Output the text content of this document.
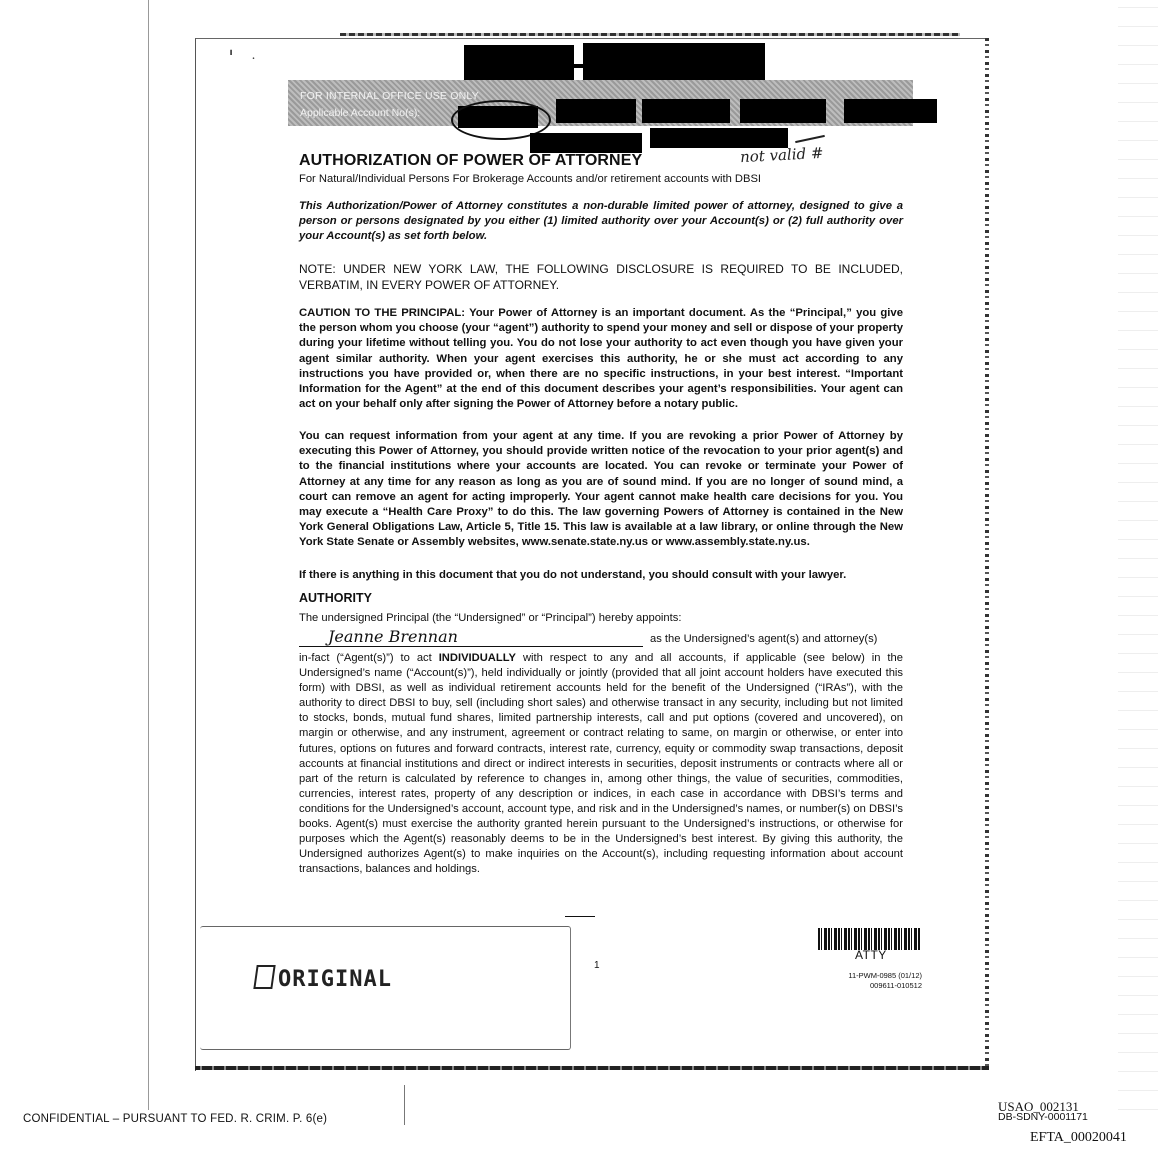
ˈ ˙
FOR INTERNAL OFFICE USE ONLY
Applicable Account No(s):
not valid #
AUTHORIZATION OF POWER OF ATTORNEY
For Natural/Individual Persons For Brokerage Accounts and/or retirement accounts with DBSI
This Authorization/Power of Attorney constitutes a non-durable limited power of attorney, designed to give a person or persons designated by you either (1) limited authority over your Account(s) or (2) full authority over your Account(s) as set forth below.
NOTE: UNDER NEW YORK LAW, THE FOLLOWING DISCLOSURE IS REQUIRED TO BE INCLUDED, VERBATIM, IN EVERY POWER OF ATTORNEY.
CAUTION TO THE PRINCIPAL: Your Power of Attorney is an important document. As the “Principal,” you give the person whom you choose (your “agent”) authority to spend your money and sell or dispose of your property during your lifetime without telling you. You do not lose your authority to act even though you have given your agent similar authority. When your agent exercises this authority, he or she must act according to any instructions you have provided or, when there are no specific instructions, in your best interest. “Important Information for the Agent” at the end of this document describes your agent’s responsibilities. Your agent can act on your behalf only after signing the Power of Attorney before a notary public.
You can request information from your agent at any time. If you are revoking a prior Power of Attorney by executing this Power of Attorney, you should provide written notice of the revocation to your prior agent(s) and to the financial institutions where your accounts are located. You can revoke or terminate your Power of Attorney at any time for any reason as long as you are of sound mind. If you are no longer of sound mind, a court can remove an agent for acting improperly. Your agent cannot make health care decisions for you. You may execute a “Health Care Proxy” to do this. The law governing Powers of Attorney is contained in the New York General Obligations Law, Article 5, Title 15. This law is available at a law library, or online through the New York State Senate or Assembly websites, www.senate.state.ny.us or www.assembly.state.ny.us.
If there is anything in this document that you do not understand, you should consult with your lawyer.
AUTHORITY
The undersigned Principal (the “Undersigned” or “Principal”) hereby appoints:
Jeanne Brennan	as the Undersigned’s agent(s) and attorney(s)
in-fact (“Agent(s)”) to act INDIVIDUALLY with respect to any and all accounts, if applicable (see below) in the Undersigned’s name (“Account(s)”), held individually or jointly (provided that all joint account holders have executed this form) with DBSI, as well as individual retirement accounts held for the benefit of the Undersigned (“IRAs”), with the authority to direct DBSI to buy, sell (including short sales) and otherwise transact in any security, including but not limited to stocks, bonds, mutual fund shares, limited partnership interests, call and put options (covered and uncovered), on margin or otherwise, and any instrument, agreement or contract relating to same, on margin or otherwise, or enter into futures, options on futures and forward contracts, interest rate, currency, equity or commodity swap transactions, deposit accounts at financial institutions and direct or indirect interests in securities, deposit instruments or contracts where all or part of the return is calculated by reference to changes in, among other things, the value of securities, commodities, currencies, interest rates, property of any description or indices, in each case in accordance with DBSI’s terms and conditions for the Undersigned’s account, account type, and risk and in the Undersigned’s names, or number(s) on DBSI’s books. Agent(s) must exercise the authority granted herein pursuant to the Undersigned’s instructions, or otherwise for purposes which the Agent(s) reasonably deems to be in the Undersigned’s best interest. By giving this authority, the Undersigned authorizes Agent(s) to make inquiries on the Account(s), including requesting information about account transactions, balances and holdings.
ORIGINAL
1
ATTY
11-PWM-0985 (01/12)
009611-010512
CONFIDENTIAL – PURSUANT TO FED. R. CRIM. P. 6(e)
USAO_002131
DB-SDNY-0001171
EFTA_00020041
